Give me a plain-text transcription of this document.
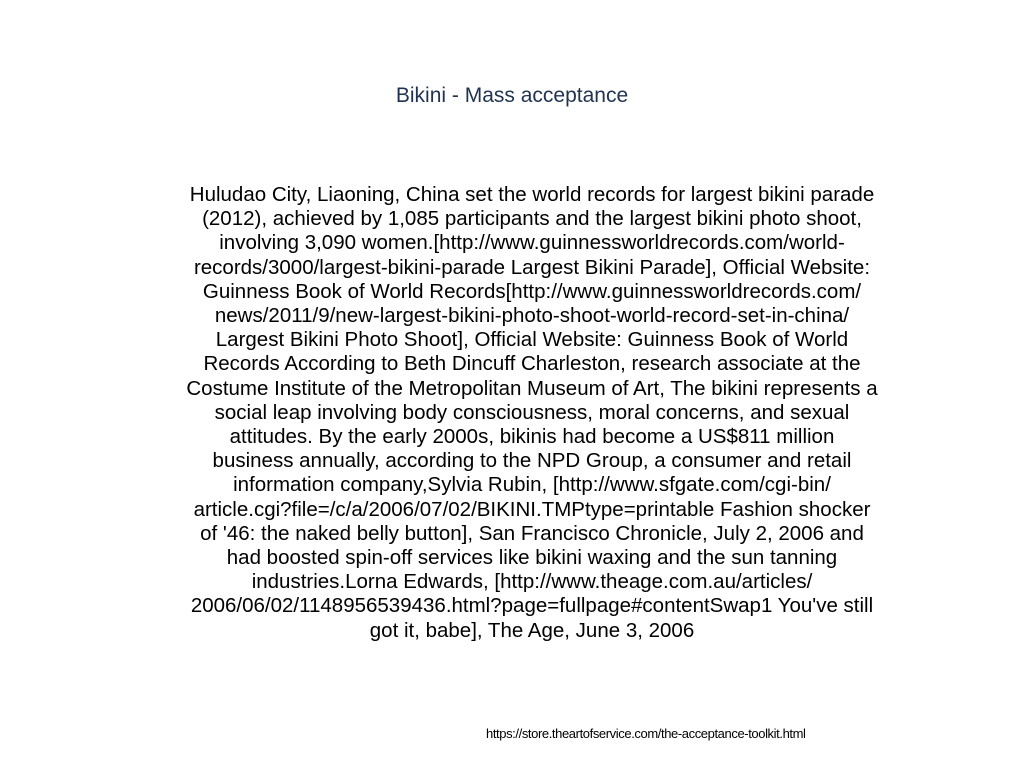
Bikini - Mass acceptance
Huludao City, Liaoning, China set the world records for largest bikini parade
(2012), achieved by 1,085 participants and the largest bikini photo shoot,
involving 3,090 women.[http://www.guinnessworldrecords.com/world-
records/3000/largest-bikini-parade Largest Bikini Parade], Official Website:
Guinness Book of World Records[http://www.guinnessworldrecords.com/
news/2011/9/new-largest-bikini-photo-shoot-world-record-set-in-china/
Largest Bikini Photo Shoot], Official Website: Guinness Book of World
Records According to Beth Dincuff Charleston, research associate at the
Costume Institute of the Metropolitan Museum of Art, The bikini represents a
social leap involving body consciousness, moral concerns, and sexual
attitudes. By the early 2000s, bikinis had become a US$811 million
business annually, according to the NPD Group, a consumer and retail
information company,Sylvia Rubin, [http://www.sfgate.com/cgi-bin/
article.cgi?file=/c/a/2006/07/02/BIKINI.TMPtype=printable Fashion shocker
of '46: the naked belly button], San Francisco Chronicle, July 2, 2006 and
had boosted spin-off services like bikini waxing and the sun tanning
industries.Lorna Edwards, [http://www.theage.com.au/articles/
2006/06/02/1148956539436.html?page=fullpage#contentSwap1 You've still
got it, babe], The Age, June 3, 2006
https://store.theartofservice.com/the-acceptance-toolkit.html
